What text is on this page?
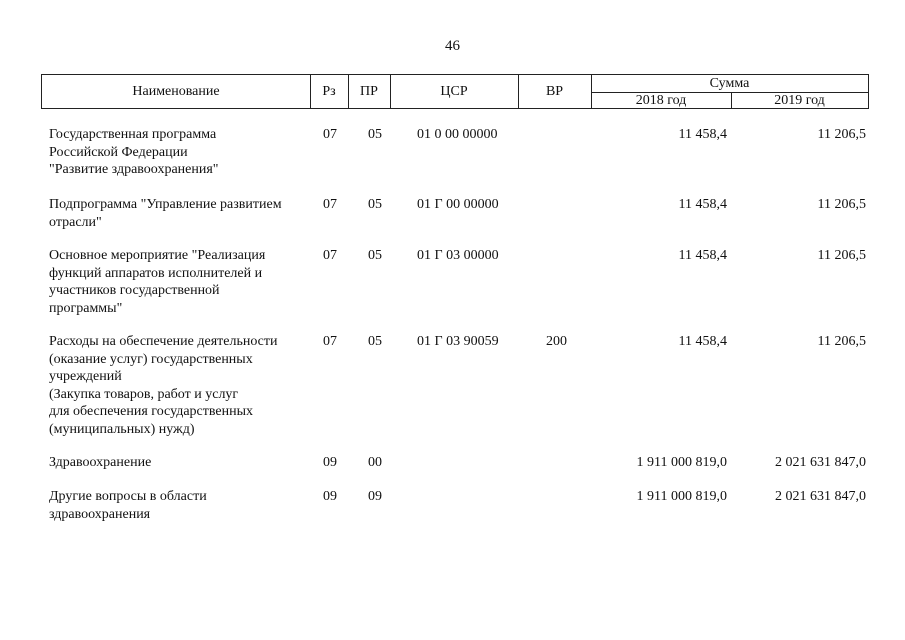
46
Наименование	Рз	ПР	ЦСР	ВР
Сумма
2018 год	2019 год
Государственная программа
Российской Федерации
"Развитие здравоохранения"
07	05	01 0 00 00000	11 458,4	11 206,5
Подпрограмма "Управление развитием
отрасли"
07	05	01 Г 00 00000	11 458,4	11 206,5
Основное мероприятие "Реализация
функций аппаратов исполнителей и
участников государственной
программы"
07	05	01 Г 03 00000	11 458,4	11 206,5
Расходы на обеспечение деятельности
(оказание услуг) государственных
учреждений
(Закупка товаров, работ и услуг
для обеспечения государственных
(муниципальных) нужд)
07	05	01 Г 03 90059	200	11 458,4	11 206,5
Здравоохранение	09	00	1 911 000 819,0	2 021 631 847,0
Другие вопросы в области
здравоохранения
09	09	1 911 000 819,0	2 021 631 847,0
